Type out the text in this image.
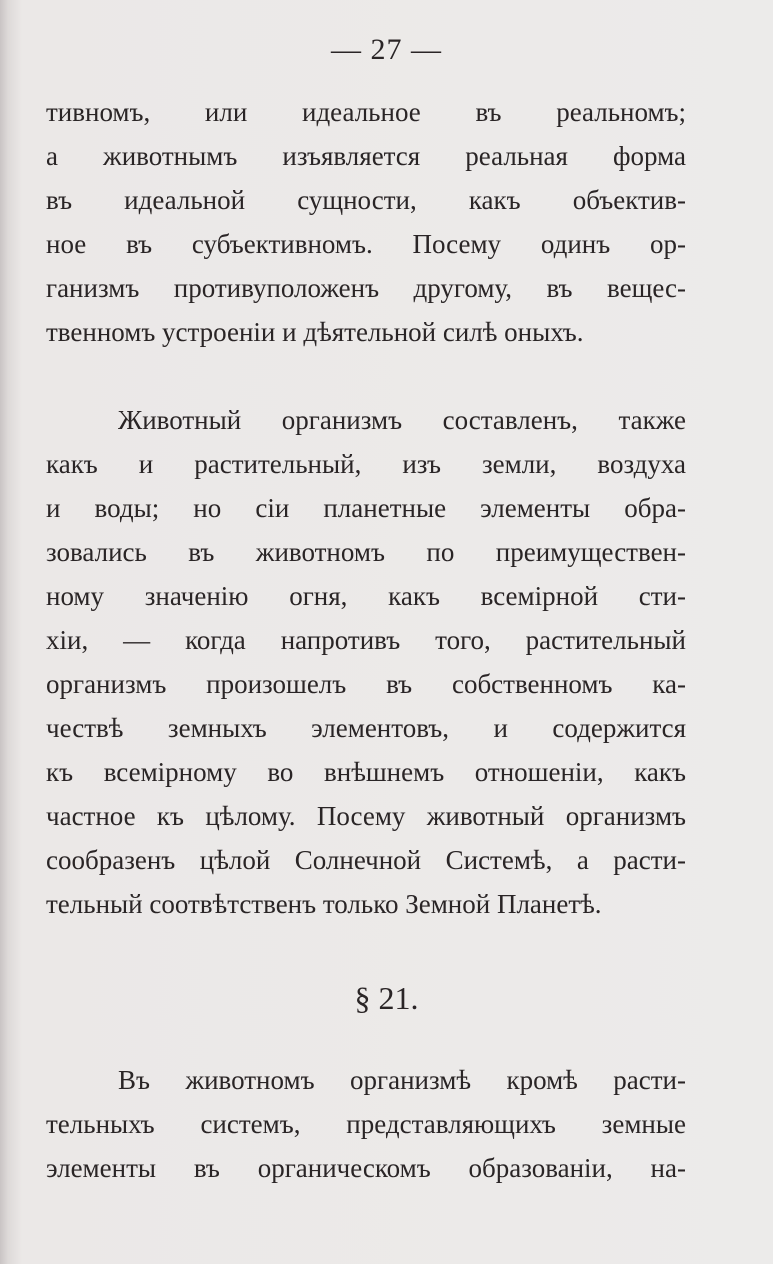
— 27 —
тивномъ, или идеальное въ реальномъ;
а животнымъ изъявляется реальная форма
въ идеальной сущности, какъ объектив-
ное въ субъективномъ. Посему одинъ ор-
ганизмъ противуположенъ другому, въ вещес-
твенномъ устроеніи и дѣятельной силѣ оныхъ.
Животный организмъ составленъ, также
какъ и растительный, изъ земли, воздуха
и воды; но сіи планетные элементы обра-
зовались въ животномъ по преимуществен-
ному значенію огня, какъ всемірной сти-
хіи, — когда напротивъ того, растительный
организмъ произошелъ въ собственномъ ка-
чествѣ земныхъ элементовъ, и содержится
къ всемірному во внѣшнемъ отношеніи, какъ
частное къ цѣлому. Посему животный организмъ
сообразенъ цѣлой Солнечной Системѣ, а расти-
тельный соотвѣтственъ только Земной Планетѣ.
§ 21.
Въ животномъ организмѣ кромѣ расти-
тельныхъ системъ, представляющихъ земные
элементы въ органическомъ образованіи, на-
